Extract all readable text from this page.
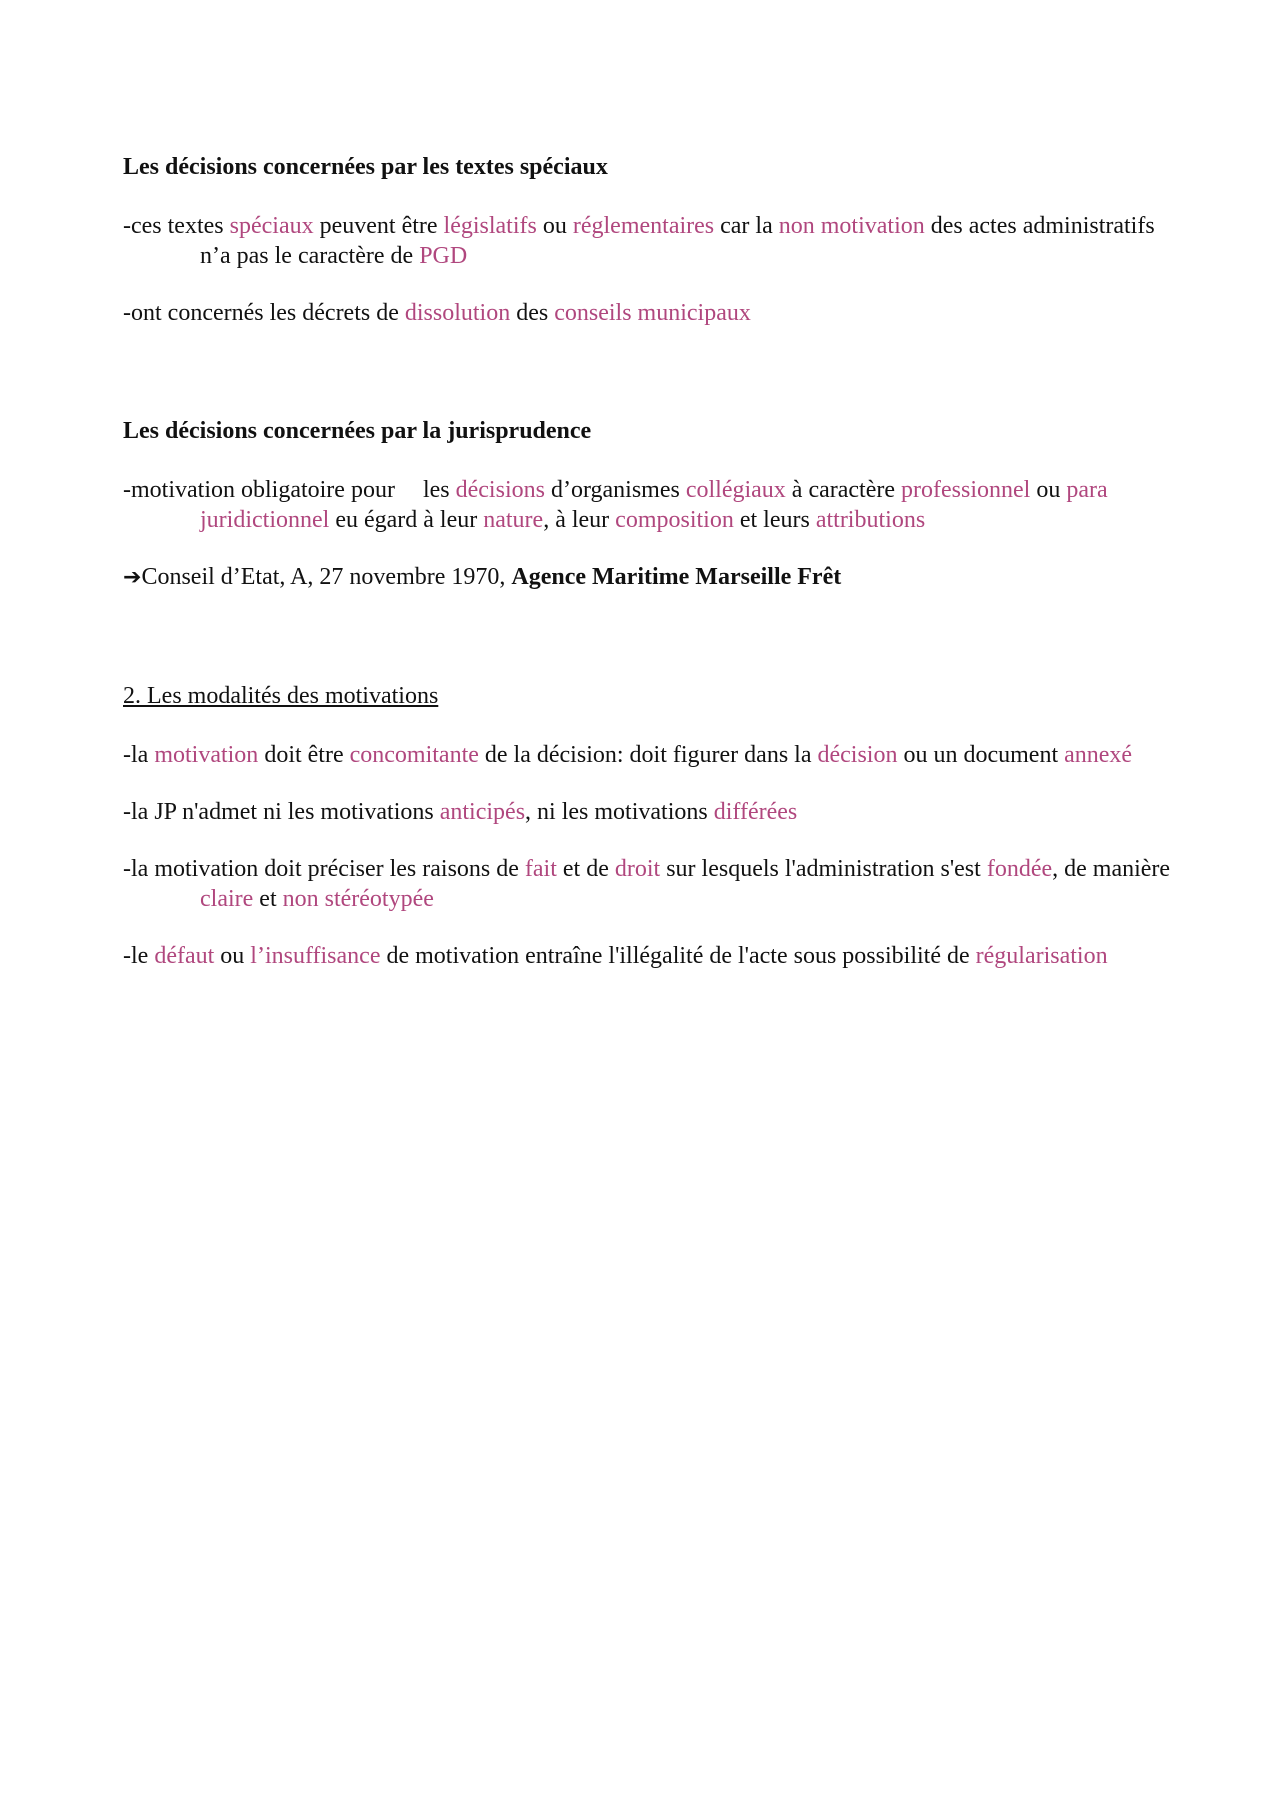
Les décisions concernées par les textes spéciaux

-ces textes spéciaux peuvent être législatifs ou réglementaires car la non motivation des actes administratifs n’a pas le caractère de PGD

-ont concernés les décrets de dissolution des conseils municipaux

Les décisions concernées par la jurisprudence

-motivation obligatoire pour les décisions d’organismes collégiaux à caractère professionnel ou para juridictionnel eu égard à leur nature, à leur composition et leurs attributions

➔Conseil d’Etat, A, 27 novembre 1970, Agence Maritime Marseille Frêt

2. Les modalités des motivations

-la motivation doit être concomitante de la décision: doit figurer dans la décision ou un document annexé

-la JP n'admet ni les motivations anticipés, ni les motivations différées

-la motivation doit préciser les raisons de fait et de droit sur lesquels l'administration s'est fondée, de manière claire et non stéréotypée

-le défaut ou l’insuffisance de motivation entraîne l'illégalité de l'acte sous possibilité de régularisation
